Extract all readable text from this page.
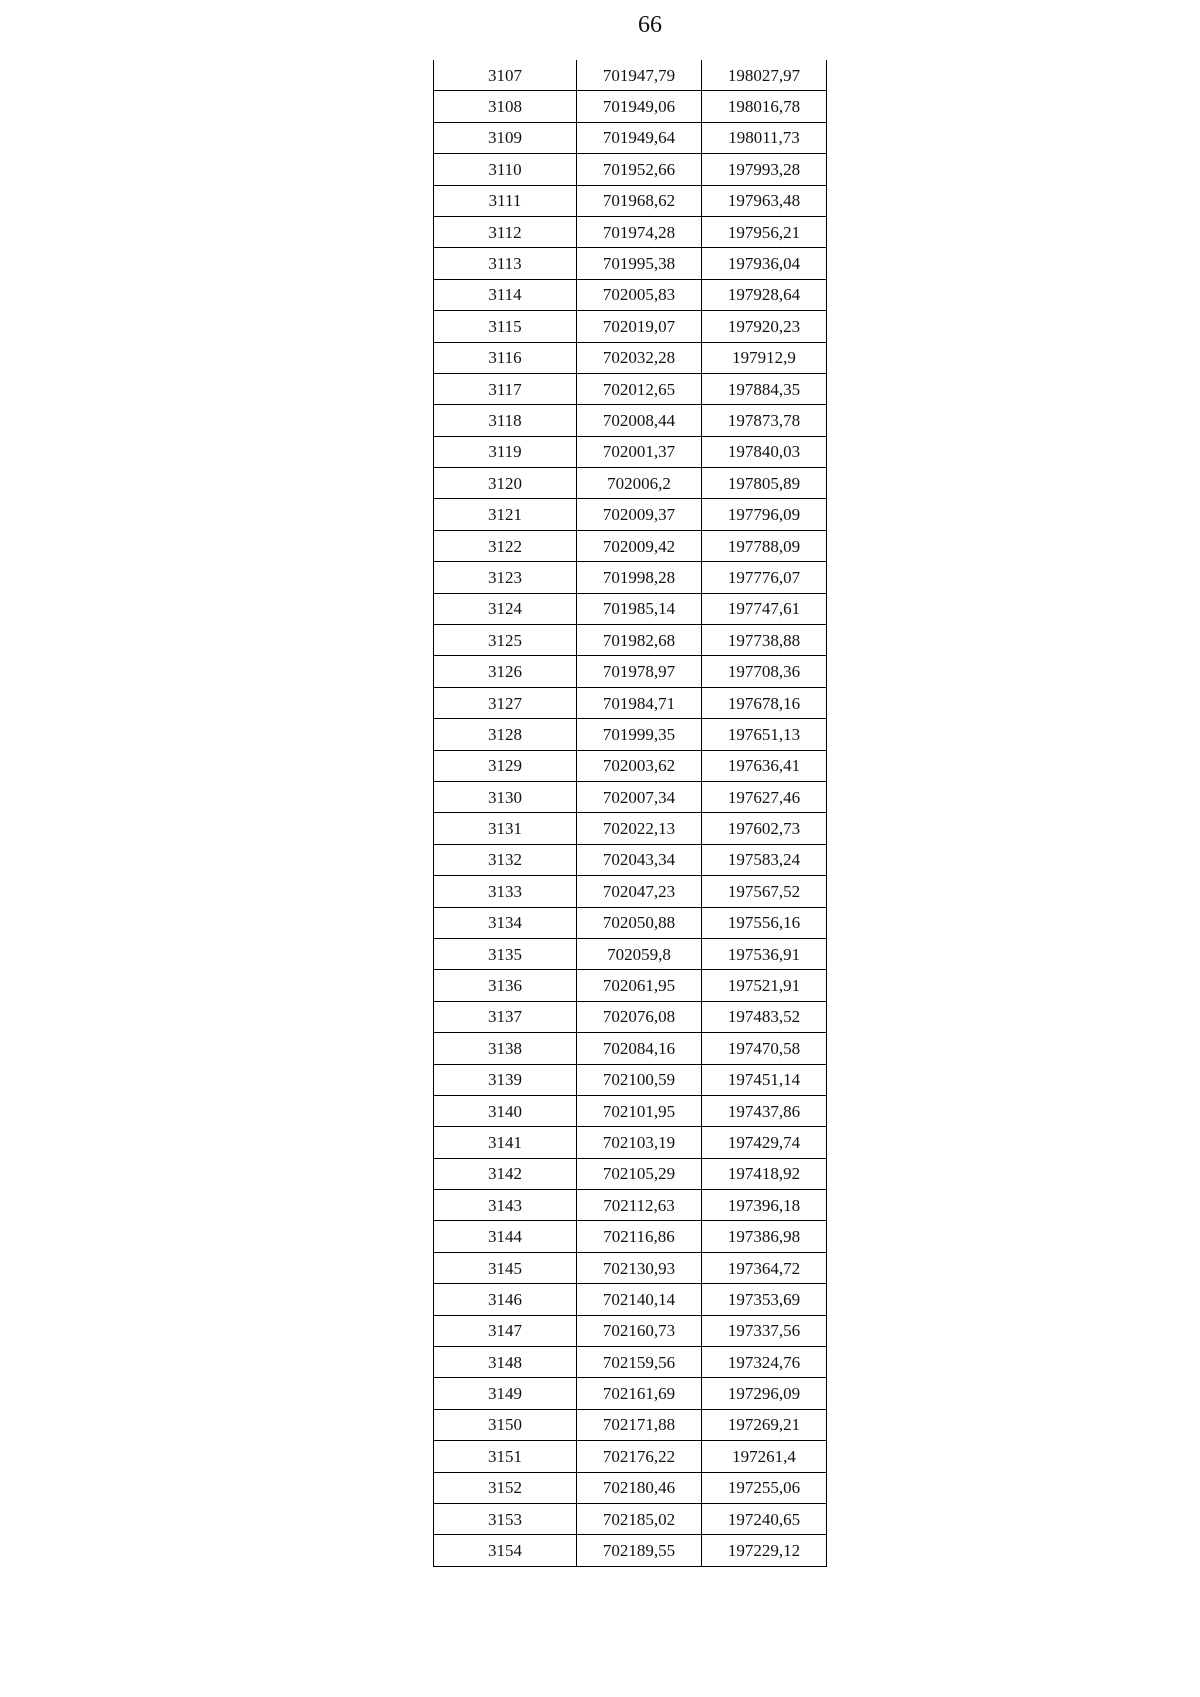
66
3107	701947,79	198027,97
3108	701949,06	198016,78
3109	701949,64	198011,73
3110	701952,66	197993,28
3111	701968,62	197963,48
3112	701974,28	197956,21
3113	701995,38	197936,04
3114	702005,83	197928,64
3115	702019,07	197920,23
3116	702032,28	197912,9
3117	702012,65	197884,35
3118	702008,44	197873,78
3119	702001,37	197840,03
3120	702006,2	197805,89
3121	702009,37	197796,09
3122	702009,42	197788,09
3123	701998,28	197776,07
3124	701985,14	197747,61
3125	701982,68	197738,88
3126	701978,97	197708,36
3127	701984,71	197678,16
3128	701999,35	197651,13
3129	702003,62	197636,41
3130	702007,34	197627,46
3131	702022,13	197602,73
3132	702043,34	197583,24
3133	702047,23	197567,52
3134	702050,88	197556,16
3135	702059,8	197536,91
3136	702061,95	197521,91
3137	702076,08	197483,52
3138	702084,16	197470,58
3139	702100,59	197451,14
3140	702101,95	197437,86
3141	702103,19	197429,74
3142	702105,29	197418,92
3143	702112,63	197396,18
3144	702116,86	197386,98
3145	702130,93	197364,72
3146	702140,14	197353,69
3147	702160,73	197337,56
3148	702159,56	197324,76
3149	702161,69	197296,09
3150	702171,88	197269,21
3151	702176,22	197261,4
3152	702180,46	197255,06
3153	702185,02	197240,65
3154	702189,55	197229,12
